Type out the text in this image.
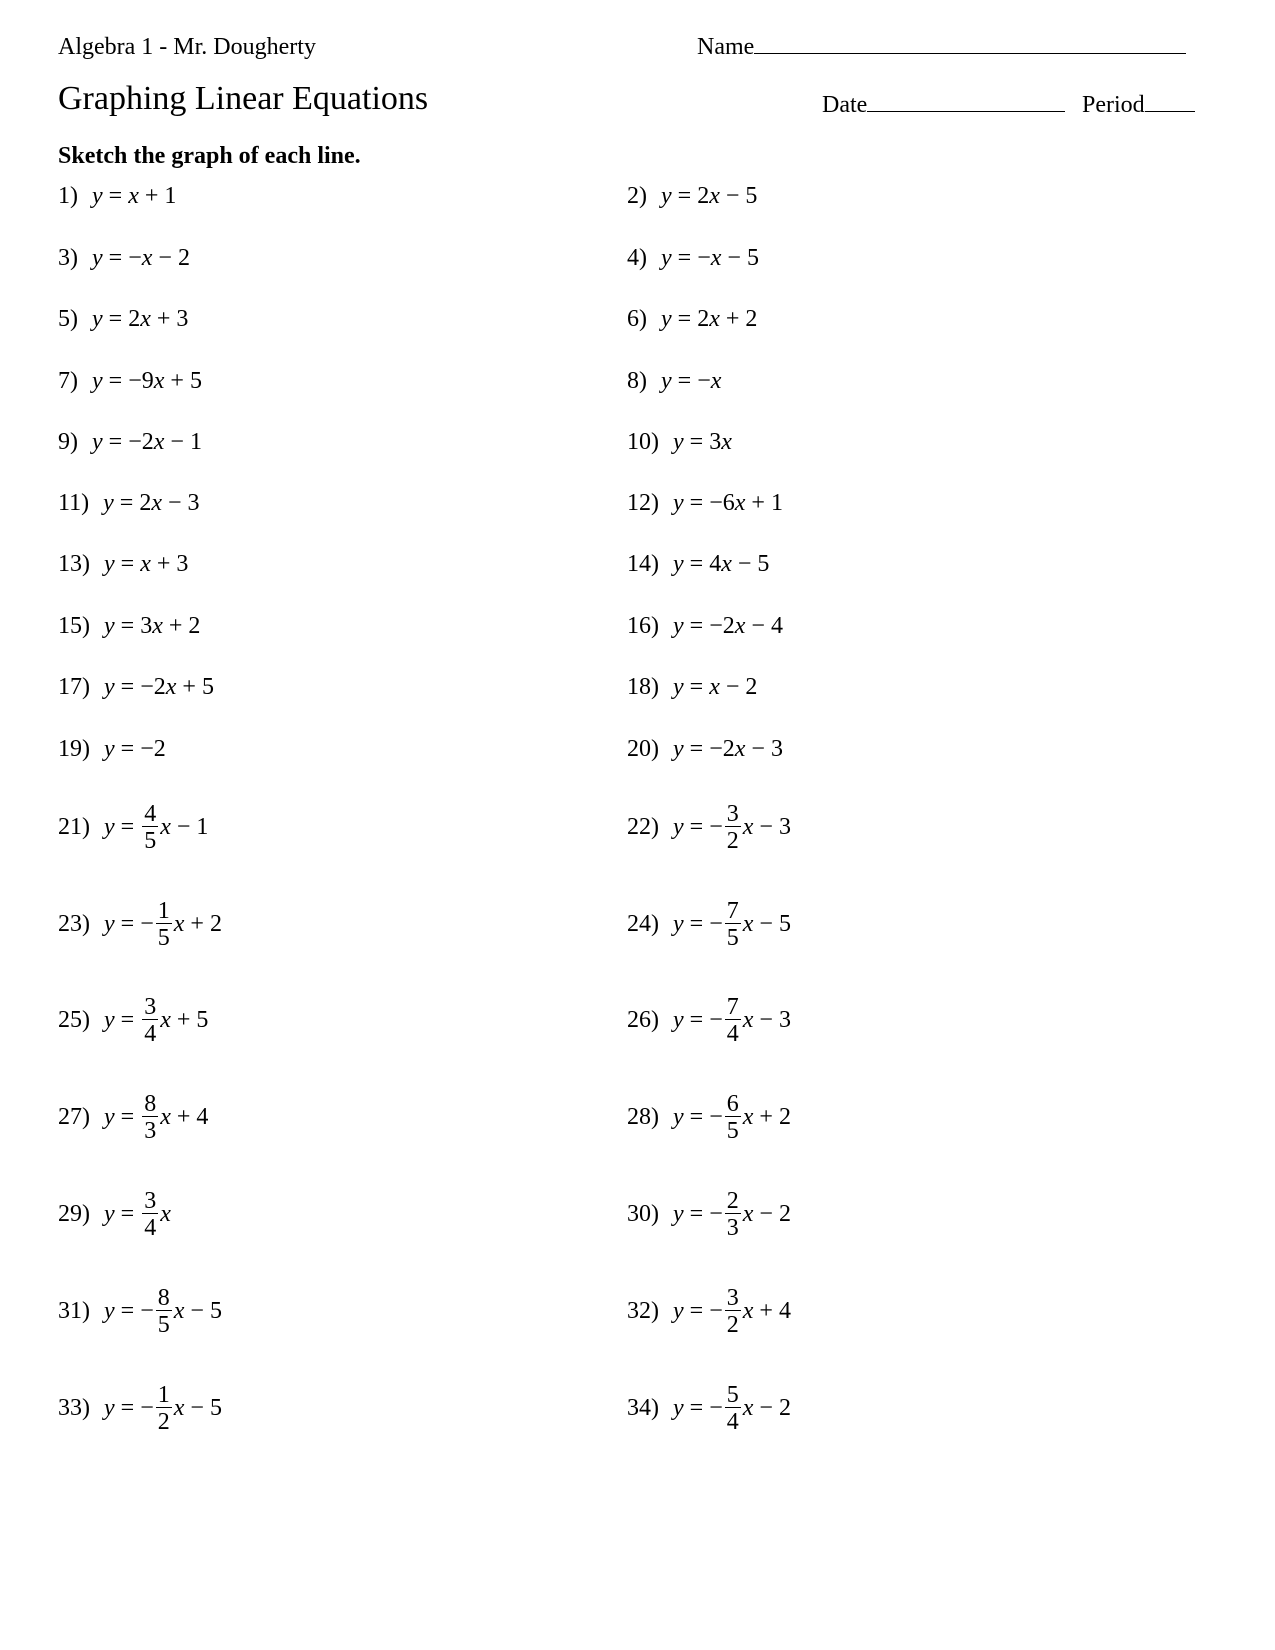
Algebra 1 - Mr. Dougherty	Name
Graphing Linear Equations	Date	Period
Sketch the graph of each line.
1) y = x + 1	2) y = 2 x − 5
3) y = − x − 2	4) y = − x − 5
5) y = 2 x + 3	6) y = 2 x + 2
7) y = −9 x + 5	8) y = − x
9) y = −2 x − 1	10) y = 3 x
11) y = 2 x − 3	12) y = −6 x + 1
13) y = x + 3	14) y = 4 x − 5
15) y = 3 x + 2	16) y = −2 x − 4
17) y = −2 x + 5	18) y = x − 2
19) y = −2	20) y = −2 x − 3
21) $y = \frac{4}{5}$ x − 1	22) y = − $\frac{3}{2}$ x − 3
23) y = − $\frac{1}{5}$ x + 2	24) y = − $\frac{7}{5}$ x − 5
25) $y = \frac{3}{4}$ x + 5	26) y = − $\frac{7}{4}$ x − 3
27) $y = \frac{8}{3}$ x + 4	28) y = − $\frac{6}{5}$ x + 2
29) $y = \frac{3}{4}$ x	30) y = − $\frac{2}{3}$ x − 2
31) y = − $\frac{8}{5}$ x − 5	32) y = − $\frac{3}{2}$ x + 4
33) y = − $\frac{1}{2}$ x − 5	34) y = − $\frac{5}{4}$ x − 2
